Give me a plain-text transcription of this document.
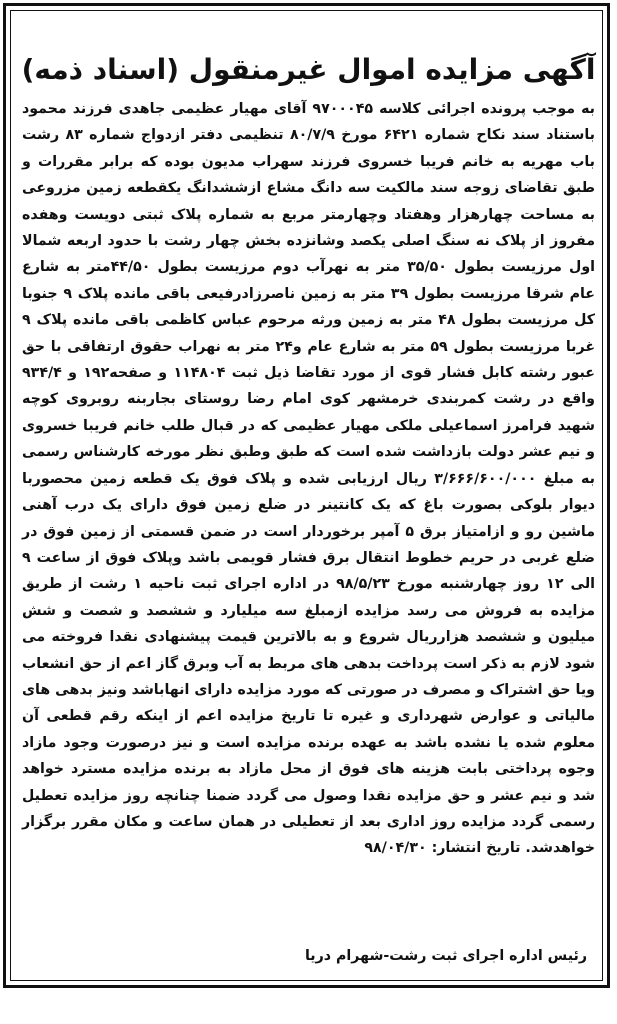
آگهی مزایده اموال غیرمنقول (اسناد ذمه)
به موجب پرونده اجرائی کلاسه ۹۷۰۰۰۴۵ آقای مهیار عظیمی جاهدی فرزند محمود باستناد سند نکاح شماره ۶۴۲۱ مورخ ۸۰/۷/۹ تنظیمی دفتر ازدواج شماره ۸۳ رشت باب مهریه به خانم فریبا خسروی فرزند سهراب مدیون بوده که برابر مقررات و طبق تقاضای زوجه سند مالکیت سه دانگ مشاع ازششدانگ یکقطعه زمین مزروعی به مساحت چهارهزار وهفتاد وچهارمتر مربع به شماره پلاک ثبتی دویست وهفده مفروز از پلاک نه سنگ اصلی یکصد وشانزده بخش چهار رشت با حدود اربعه شمالا اول مرزیست بطول ۳۵/۵۰ متر به نهرآب دوم مرزیست بطول ۴۴/۵۰متر به شارع عام شرقا مرزیست بطول ۳۹ متر به زمین ناصرزادرفیعی باقی مانده پلاک ۹ جنوبا کل مرزیست بطول ۴۸ متر به زمین ورثه مرحوم عباس کاظمی باقی مانده پلاک ۹ غربا مرزیست بطول ۵۹ متر به شارع عام و۲۴ متر به نهراب حقوق ارتفاقی با حق عبور رشته کابل فشار قوی از مورد تقاضا ذیل ثبت ۱۱۴۸۰۴ و صفحه۱۹۲ و ۹۳۴/۴ واقع در رشت کمربندی خرمشهر کوی امام رضا روستای بجاربنه روبروی کوچه شهید فرامرز اسماعیلی ملکی مهیار عظیمی که در قبال طلب خانم فریبا خسروی و نیم عشر دولت بازداشت شده است که طبق وطبق نظر مورخه کارشناس رسمی به مبلغ ۳/۶۶۶/۶۰۰/۰۰۰ ریال ارزیابی شده و پلاک فوق یک قطعه زمین محصوربا دیوار بلوکی بصورت باغ که یک کانتینر در ضلع زمین فوق دارای یک درب آهنی ماشین رو و ازامتیاز برق ۵ آمپر برخوردار است در ضمن قسمتی از زمین فوق در ضلع غربی در حریم خطوط انتقال برق فشار قویمی باشد وپلاک فوق از ساعت ۹ الی ۱۲ روز چهارشنبه مورخ ۹۸/۵/۲۳ در اداره اجرای ثبت ناحیه ۱ رشت از طریق مزایده به فروش می رسد مزایده ازمبلغ سه میلیارد و ششصد و شصت و شش میلیون و ششصد هزارریال شروع و به بالاترین قیمت پیشنهادی نقدا فروخته می شود لازم به ذکر است پرداخت بدهی های مربط به آب وبرق گاز اعم از حق انشعاب ویا حق اشتراک و مصرف در صورتی که مورد مزایده دارای انهاباشد ونیز بدهی های مالیاتی و عوارض شهرداری و غیره تا تاریخ مزایده اعم از اینکه رقم قطعی آن معلوم شده یا نشده باشد به عهده برنده مزایده است و نیز درصورت وجود مازاد وجوه پرداختی بابت هزینه های فوق از محل مازاد به برنده مزایده مسترد خواهد شد و نیم عشر و حق مزایده نقدا وصول می گردد ضمنا چنانچه روز مزایده تعطیل رسمی گردد مزایده روز اداری بعد از تعطیلی در همان ساعت و مکان مقرر برگزار خواهدشد. تاریخ انتشار: ۹۸/۰۴/۳۰
رئیس اداره اجرای ثبت رشت-شهرام دریا
